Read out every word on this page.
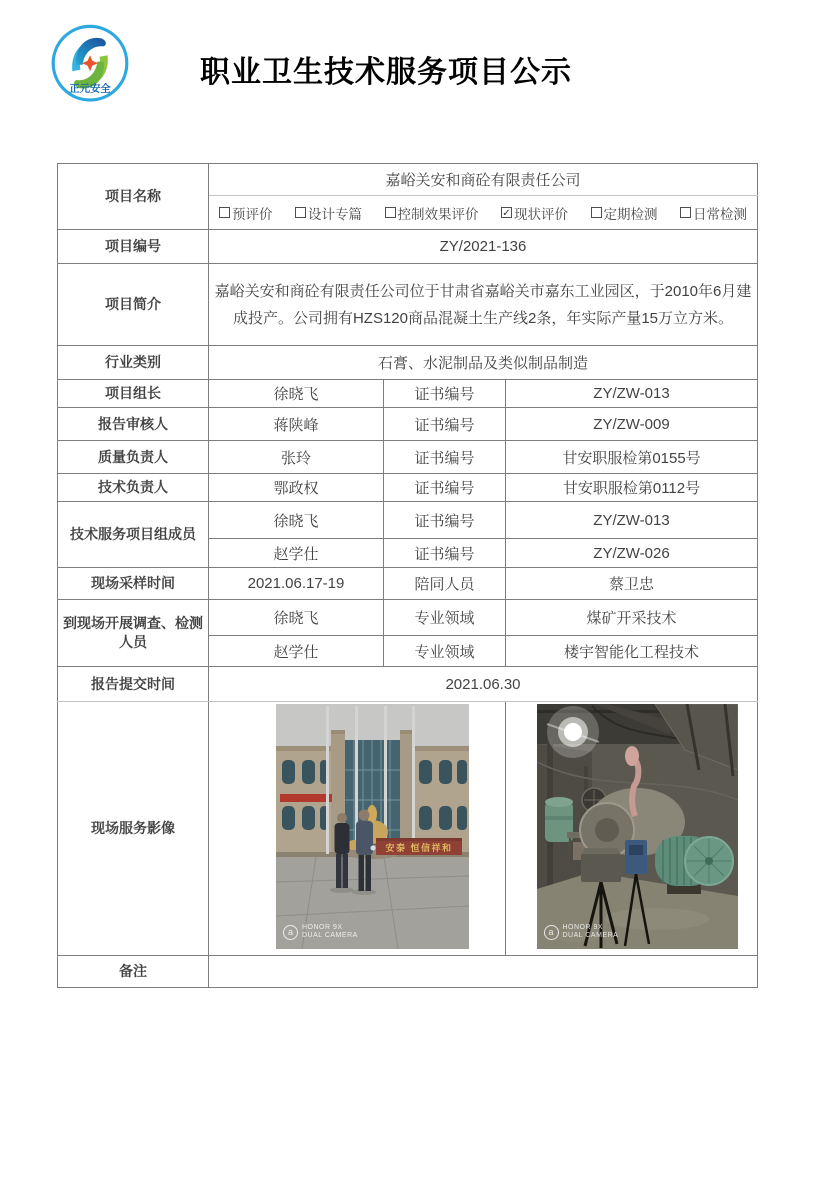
正元安全
职业卫生技术服务项目公示
项目名称	嘉峪关安和商砼有限责任公司		

预评价	设计专篇	控制效果评价 ✓ 现状评价	定期检测	日常检测

项目编号	ZY/2021-136		
项目简介	嘉峪关安和商砼有限责任公司位于甘肃省嘉峪关市嘉东工业园区，于2010年6月建成投产。公司拥有HZS120商品混凝土生产线2条，年实际产量15万立方米。		
行业类别	石膏、水泥制品及类似制品制造		
项目组长	徐晓飞	证书编号	ZY/ZW-013
报告审核人	蒋陕峰	证书编号	ZY/ZW-009
质量负责人	张玲	证书编号	甘安职服检第0155号
技术负责人	鄂政权	证书编号	甘安职服检第0112号
技术服务项目组成员	徐晓飞	证书编号	ZY/ZW-013
	赵学仕	证书编号	ZY/ZW-026
现场采样时间	2021.06.17-19	陪同人员	蔡卫忠
到现场开展调查、检测人员	徐晓飞	专业领域	煤矿开采技术
	赵学仕	专业领域	楼宇智能化工程技术
报告提交时间	2021.06.30		
现场服务影像	安泰 恒信祥和
a HONOR 9X
DUAL CAMERA		a HONOR 9X
DUAL CAMERA

备注			
